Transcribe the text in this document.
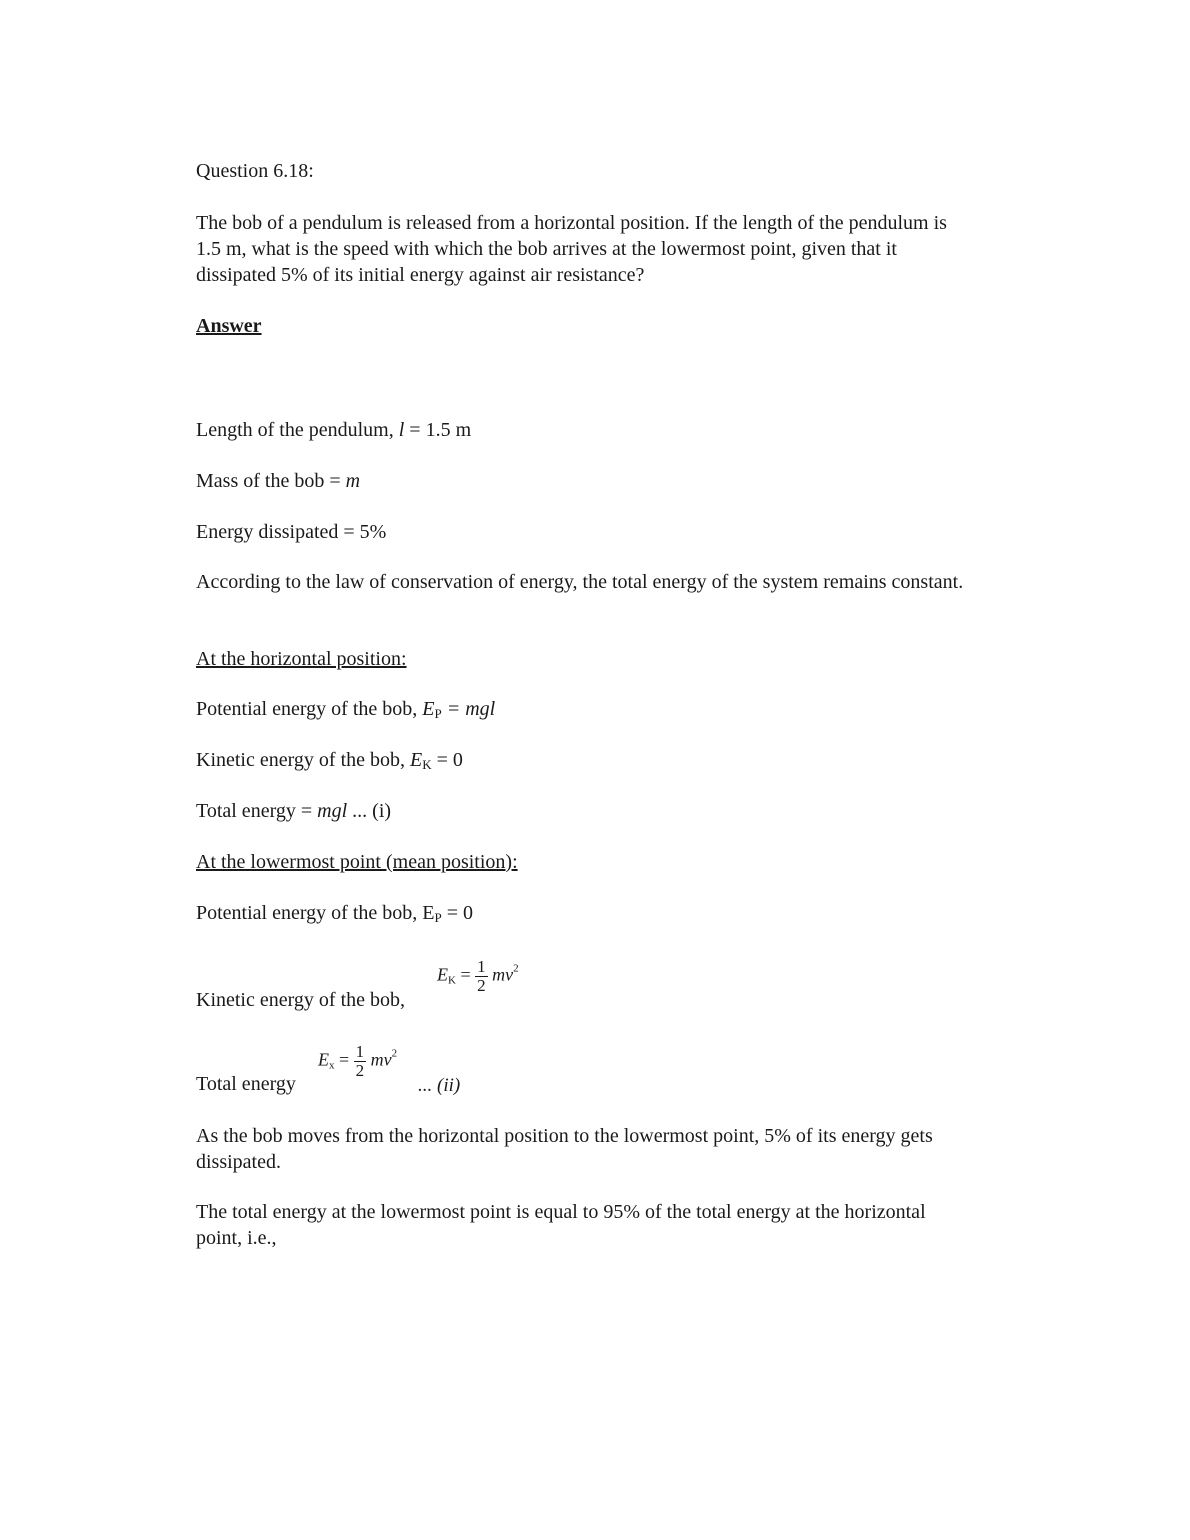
Question 6.18:
The bob of a pendulum is released from a horizontal position. If the length of the pendulum is 1.5 m, what is the speed with which the bob arrives at the lowermost point, given that it dissipated 5% of its initial energy against air resistance?
Answer
Length of the pendulum, l = 1.5 m
Mass of the bob = m
Energy dissipated = 5%
According to the law of conservation of energy, the total energy of the system remains constant.
At the horizontal position:
Potential energy of the bob, $E_P$ = mgl
Kinetic energy of the bob, $E_K = 0$
Total energy = mgl ... (i)
At the lowermost point (mean position):
Potential energy of the bob, $E_P = 0$
Kinetic energy of the bob,
$E_K = \frac{1}{2} mv^2$
Total energy
$E_x = \frac{1}{2} mv^2$
... (ii)
As the bob moves from the horizontal position to the lowermost point, 5% of its energy gets dissipated.
The total energy at the lowermost point is equal to 95% of the total energy at the horizontal point, i.e.,
